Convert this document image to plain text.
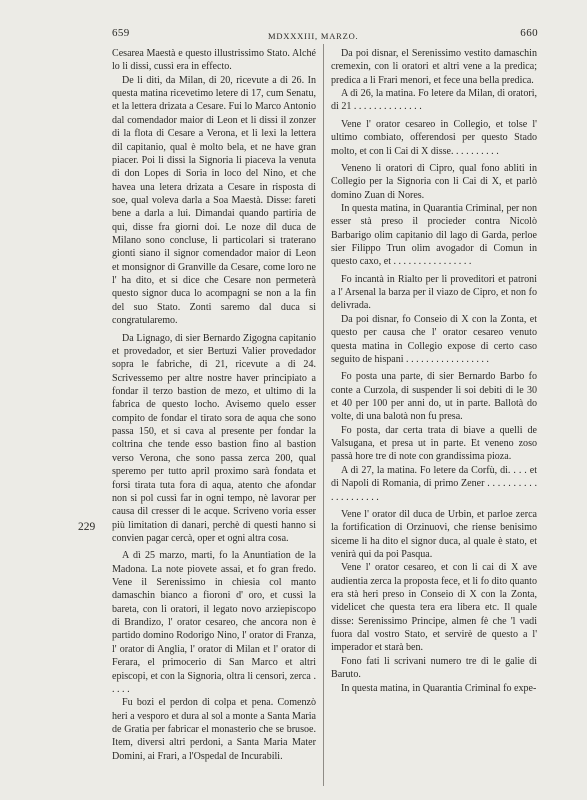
659	MDXXXIII, MARZO.	660
229

Cesarea Maestà e questo illustrissimo Stato. Alché lo li dissi, cussì era in effecto.

De li diti, da Milan, di 20, ricevute a di 26. In questa matina ricevetimo letere di 17, cum Senatu, et la lettera drizata a Cesare. Fui lo Marco Antonio dal comendador maior di Leon et li dissi il zonzer di la flota di Cesare a Verona, et li lexi la lettera dil capitanio, qual è molto bela, et ne have gran piacer. Poi li dissi la Signoria li piaceva la venuta di don Lopes di Soria in loco del Nino, et che havea una letera drizata a Cesare in risposta di soe, qual voleva darla a Soa Maestà. Disse: fareti bene a darla a lui. Dimandai quando partiria de qui, disse fra giorni doi. Le noze dil duca de Milano sono concluse, li particolari si traterano gionti siano il signor comendador maior di Leon et monsignor di Granville da Cesare, come loro ne l' ha dito, et si dice che Cesare non permeterà questo signor duca lo acompagni se non a la fin del suo Stato. Zonti saremo dal duca si congratularemo.

Da Lignago, di sier Bernardo Zigogna capitanio et provedador, et sier Bertuzi Valier provedador sopra le fabriche, di 21, ricevute a di 24. Scrivessemo per altre nostre haver principiato a fondar il terzo bastion de mezo, et ultimo di la fabrica de questo locho. Avisemo quelo esser compito de fondar el tirato sora de aqua che sono passa 150, et si cava al presente per fondar la coltrina che tende esso bastion fino al bastion verso Verona, che sono passa zerca 200, qual speremo per tutto april proximo sarà fondata et forsi tirata tuta fora di aqua, atento che afondar non si pol cussì far in ogni tempo, nè lavorar per causa dil cresser di le acque. Scriveno voria esser più limitation di danari, perchè di questi hanno si convien pagar cercà, oper et ogni altra cosa.

A dì 25 marzo, marti, fo la Anuntiation de la Madona. La note piovete assai, et fo gran fredo. Vene il Serenissimo in chiesia col manto damaschin bianco a fioroni d' oro, et cussì la bareta, con li oratori, il legato novo arziepiscopo di Brandizo, l' orator cesareo, che ancora non è partido domino Rodorigo Nino, l' orator di Franza, l' orator di Anglia, l' orator di Milan et l' orator di Ferara, el primocerio di San Marco et altri episcopi, et con la Signoria, oltra li censori, zerca . . . . .

Fu bozi el perdon di colpa et pena. Comenzò heri a vesporo et dura al sol a monte a Santa Maria de Gratia per fabricar el monasterio che se brusoe. Item, diversi altri perdoni, a Santa Maria Mater Domini, ai Frari, a l'Ospedal de Incurabili.

Da poi disnar, el Serenissimo vestito damaschin cremexin, con li oratori et altri vene a la predica; predica a li Frari menori, et fece una bella predica.

A dì 26, la matina. Fo letere da Milan, di oratori, di 21 . . . . . . . . . . . . . .

Vene l' orator cesareo in Collegio, et tolse l' ultimo combiato, offerendosi per questo Stado molto, et con li Cai di X disse. . . . . . . . . .

Veneno li oratori di Cipro, qual fono abliti in Collegio per la Signoria con li Cai di X, et parlò domino Zuan di Nores.

In questa matina, in Quarantia Criminal, per non esser stà preso il procieder contra Nicolò Barbarigo olim capitanio dil lago di Garda, perloe sier Filippo Trun olim avogador di Comun in questo caxo, et . . . . . . . . . . . . . . . .

Fo incantà in Rialto per li proveditori et patroni a l' Arsenal la barza per il viazo de Cipro, et non fo delivrada.

Da poi disnar, fo Conseio di X con la Zonta, et questo per causa che l' orator cesareo venuto questa matina in Collegio expose di certo caso seguito de hispani . . . . . . . . . . . . . . . . .

Fo posta una parte, di sier Bernardo Barbo fo conte a Curzola, di suspender li soi debiti di le 30 et 40 per 100 per anni do, ut in parte. Ballotà do volte, di una balotà non fu presa.

Fo posta, dar certa trata di biave a quelli de Valsugana, et presa ut in parte. Et veneno zoso passà hore tre di note con grandissima pioza.

A dì 27, la matina. Fo letere da Corfù, di. . . . et di Napoli di Romania, di primo Zener . . . . . . . . . . . . . . . . . . . .

Vene l' orator dil duca de Urbin, et parloe zerca la fortification di Orzinuovi, che riense benisimo siceme li ha dito el signor duca, al quale è stato, et venirà qui da poi Pasqua.

Vene l' orator cesareo, et con li cai di X ave audientia zerca la proposta fece, et li fo dito quanto era stà heri preso in Conseio di X con la Zonta, videlicet che questa tera era libera etc. Il quale disse: Serenissimo Principe, almen fè che 'l vadi fuora dal vostro Stato, et servirè de questo a l' imperador et starà ben.

Fono fati li scrivani numero tre di le galie di Baruto.

In questa matina, in Quarantia Criminal fo expe-
